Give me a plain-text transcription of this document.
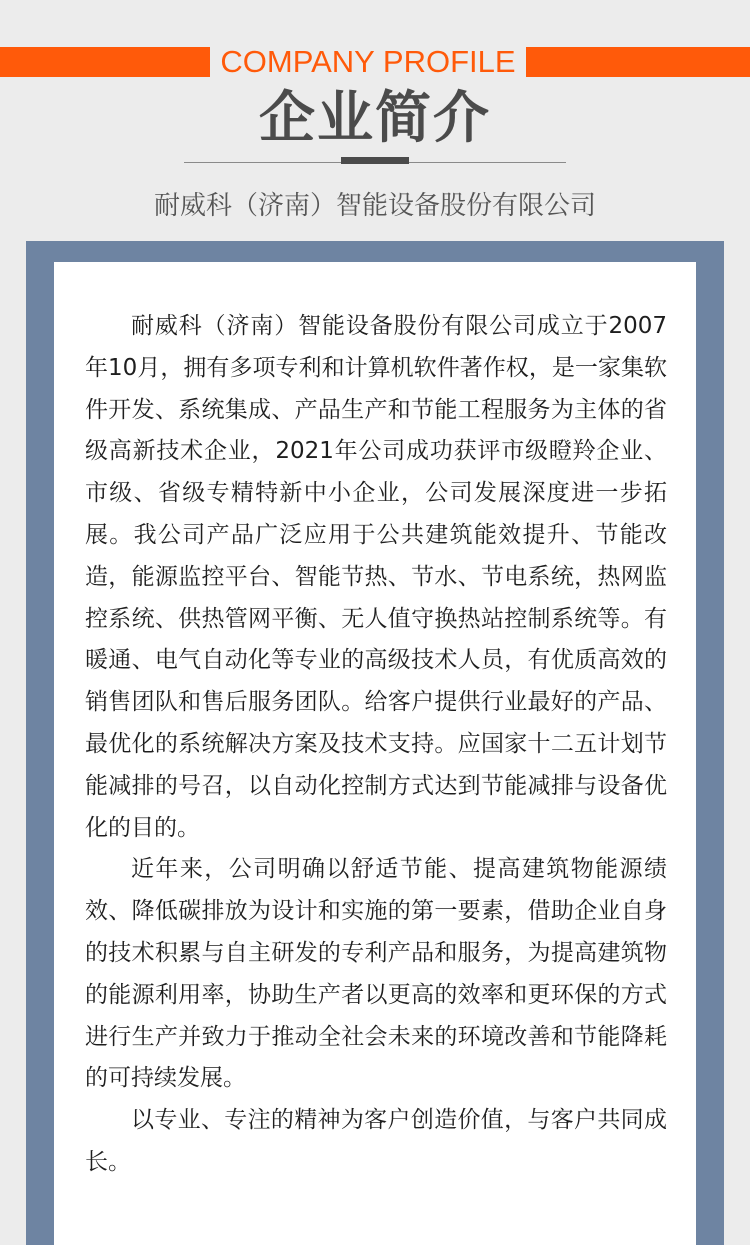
COMPANY PROFILE
企业简介
耐威科（济南）智能设备股份有限公司

耐威科（济南）智能设备股份有限公司成立于2007年10月，拥有多项专利和计算机软件著作权，是一家集软件开发、系统集成、产品生产和节能工程服务为主体的省级高新技术企业，2021年公司成功获评市级瞪羚企业、市级、省级专精特新中小企业，公司发展深度进一步拓展。我公司产品广泛应用于公共建筑能效提升、节能改造，能源监控平台、智能节热、节水、节电系统，热网监控系统、供热管网平衡、无人值守换热站控制系统等。有暖通、电气自动化等专业的高级技术人员，有优质高效的销售团队和售后服务团队。给客户提供行业最好的产品、最优化的系统解决方案及技术支持。应国家十二五计划节能减排的号召，以自动化控制方式达到节能减排与设备优化的目的。

近年来，公司明确以舒适节能、提高建筑物能源绩效、降低碳排放为设计和实施的第一要素，借助企业自身的技术积累与自主研发的专利产品和服务，为提高建筑物的能源利用率，协助生产者以更高的效率和更环保的方式进行生产并致力于推动全社会未来的环境改善和节能降耗的可持续发展。

以专业、专注的精神为客户创造价值，与客户共同成长。
